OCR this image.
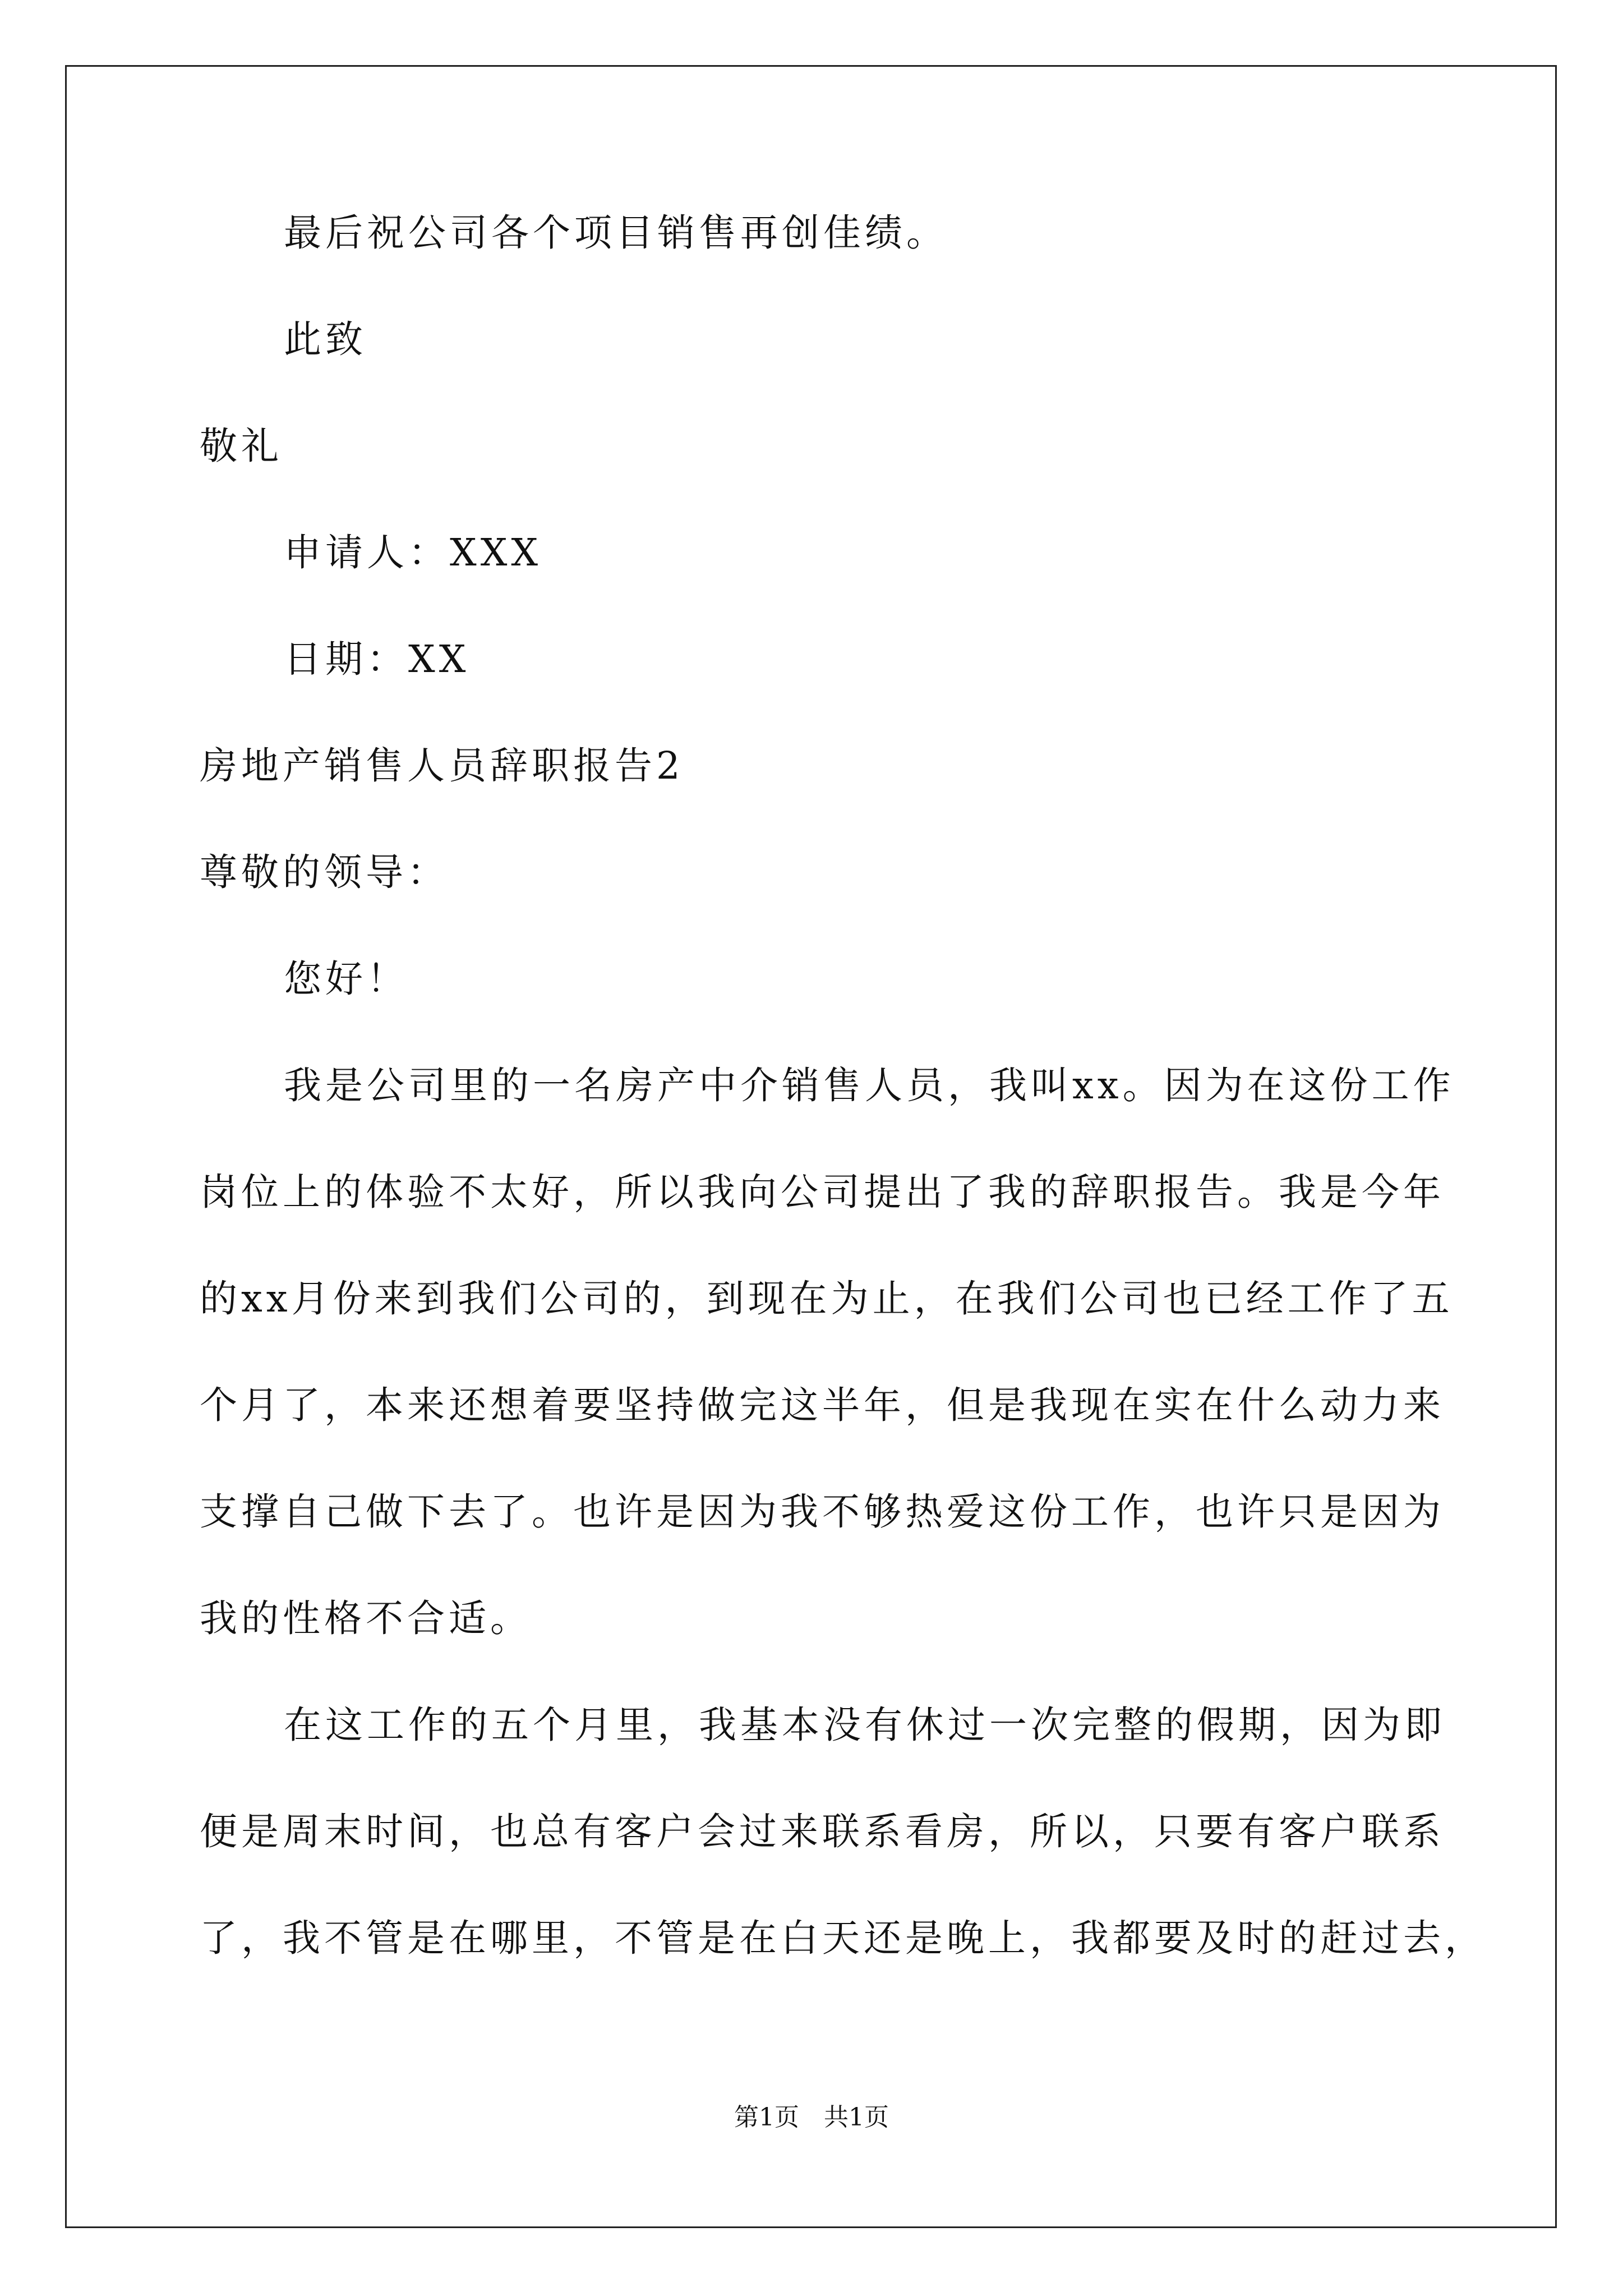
最后祝公司各个项目销售再创佳绩。
此致
敬礼
申请人：XXX
日期：XX
房地产销售人员辞职报告2
尊敬的领导：
您好！
我是公司里的一名房产中介销售人员，我叫xx。因为在这份工作
岗位上的体验不太好，所以我向公司提出了我的辞职报告。我是今年
的xx月份来到我们公司的，到现在为止，在我们公司也已经工作了五
个月了，本来还想着要坚持做完这半年，但是我现在实在什么动力来
支撑自己做下去了。也许是因为我不够热爱这份工作，也许只是因为
我的性格不合适。
在这工作的五个月里，我基本没有休过一次完整的假期，因为即
便是周末时间，也总有客户会过来联系看房，所以，只要有客户联系
了，我不管是在哪里，不管是在白天还是晚上，我都要及时的赶过去，
第1页　共1页
